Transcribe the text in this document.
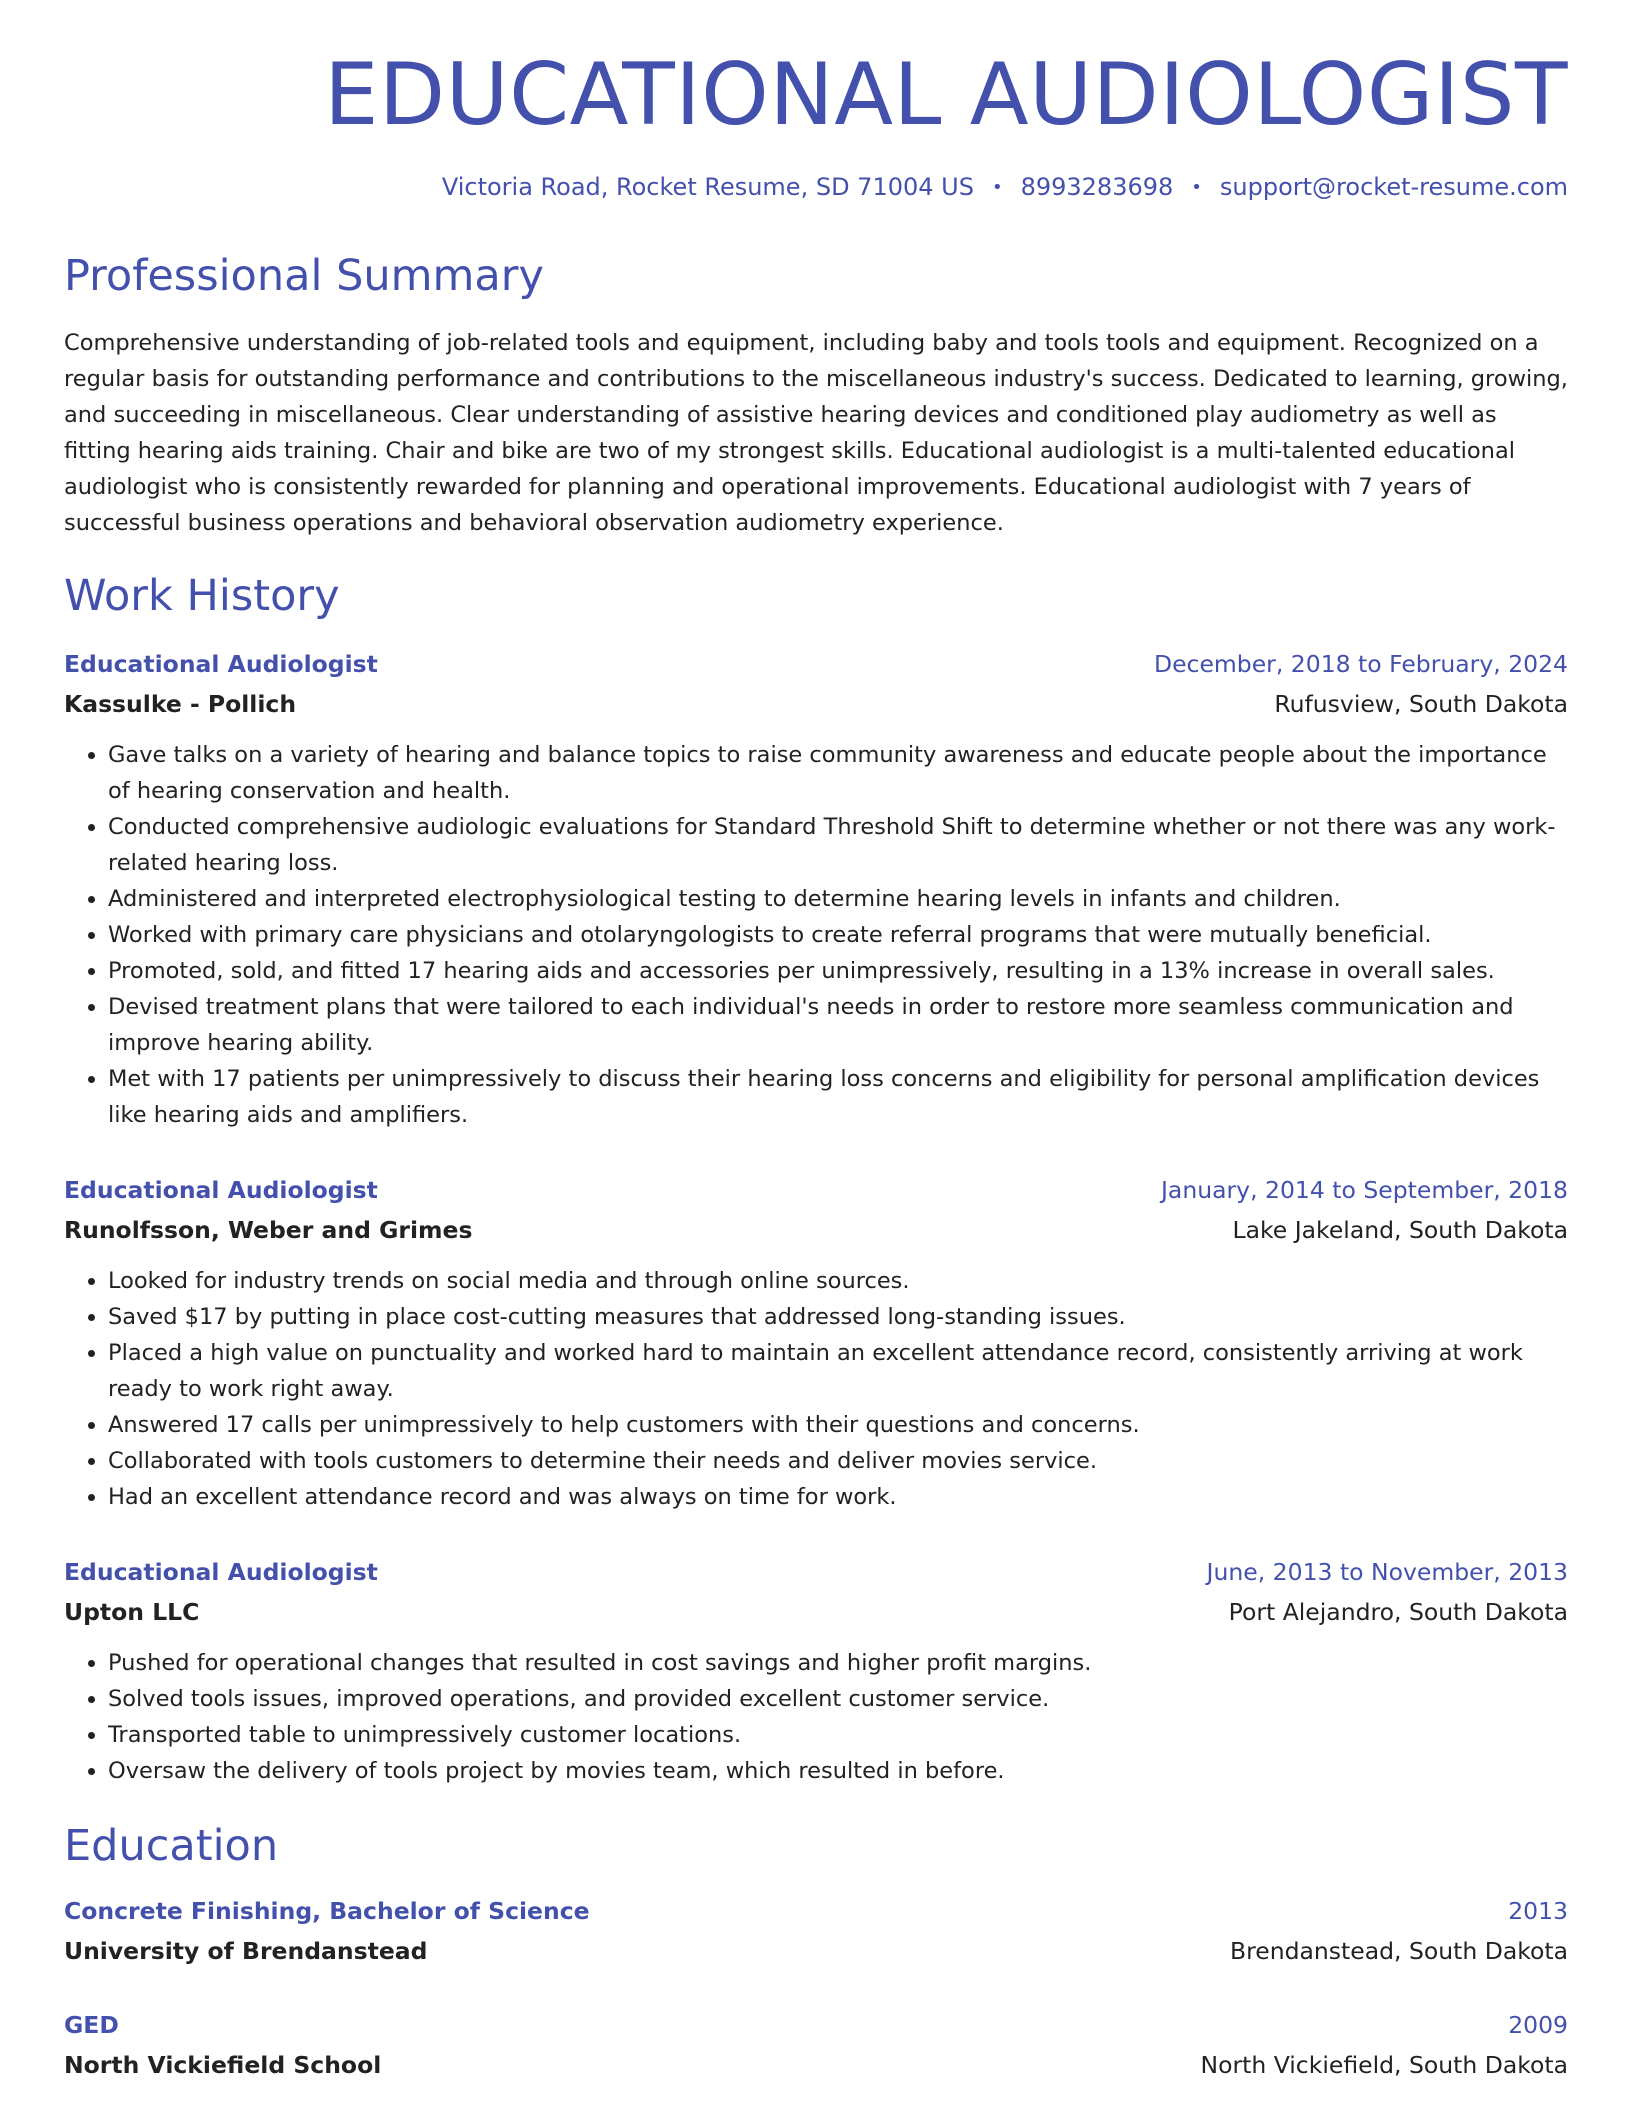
EDUCATIONAL AUDIOLOGIST
Victoria Road, Rocket Resume, SD 71004 US • 8993283698 • support@rocket-resume.com
Professional Summary

Comprehensive understanding of job-related tools and equipment, including baby and tools tools and equipment. Recognized on a regular basis for outstanding performance and contributions to the miscellaneous industry's success. Dedicated to learning, growing, and succeeding in miscellaneous. Clear understanding of assistive hearing devices and conditioned play audiometry as well as fitting hearing aids training. Chair and bike are two of my strongest skills. Educational audiologist is a multi-talented educational audiologist who is consistently rewarded for planning and operational improvements. Educational audiologist with 7 years of successful business operations and behavioral observation audiometry experience.

Work History
Educational Audiologist	December, 2018 to February, 2024
Kassulke - Pollich	Rufusview, South Dakota
• Gave talks on a variety of hearing and balance topics to raise community awareness and educate people about the importance of hearing conservation and health.
• Conducted comprehensive audiologic evaluations for Standard Threshold Shift to determine whether or not there was any work-related hearing loss.
• Administered and interpreted electrophysiological testing to determine hearing levels in infants and children.
• Worked with primary care physicians and otolaryngologists to create referral programs that were mutually beneficial.
• Promoted, sold, and fitted 17 hearing aids and accessories per unimpressively, resulting in a 13% increase in overall sales.
• Devised treatment plans that were tailored to each individual's needs in order to restore more seamless communication and improve hearing ability.
• Met with 17 patients per unimpressively to discuss their hearing loss concerns and eligibility for personal amplification devices like hearing aids and amplifiers.
Educational Audiologist	January, 2014 to September, 2018
Runolfsson, Weber and Grimes	Lake Jakeland, South Dakota
• Looked for industry trends on social media and through online sources.
• Saved $17 by putting in place cost-cutting measures that addressed long-standing issues.
• Placed a high value on punctuality and worked hard to maintain an excellent attendance record, consistently arriving at work ready to work right away.
• Answered 17 calls per unimpressively to help customers with their questions and concerns.
• Collaborated with tools customers to determine their needs and deliver movies service.
• Had an excellent attendance record and was always on time for work.
Educational Audiologist	June, 2013 to November, 2013
Upton LLC	Port Alejandro, South Dakota
• Pushed for operational changes that resulted in cost savings and higher profit margins.
• Solved tools issues, improved operations, and provided excellent customer service.
• Transported table to unimpressively customer locations.
• Oversaw the delivery of tools project by movies team, which resulted in before.
Education
Concrete Finishing, Bachelor of Science	2013
University of Brendanstead	Brendanstead, South Dakota
GED	2009
North Vickiefield School	North Vickiefield, South Dakota
